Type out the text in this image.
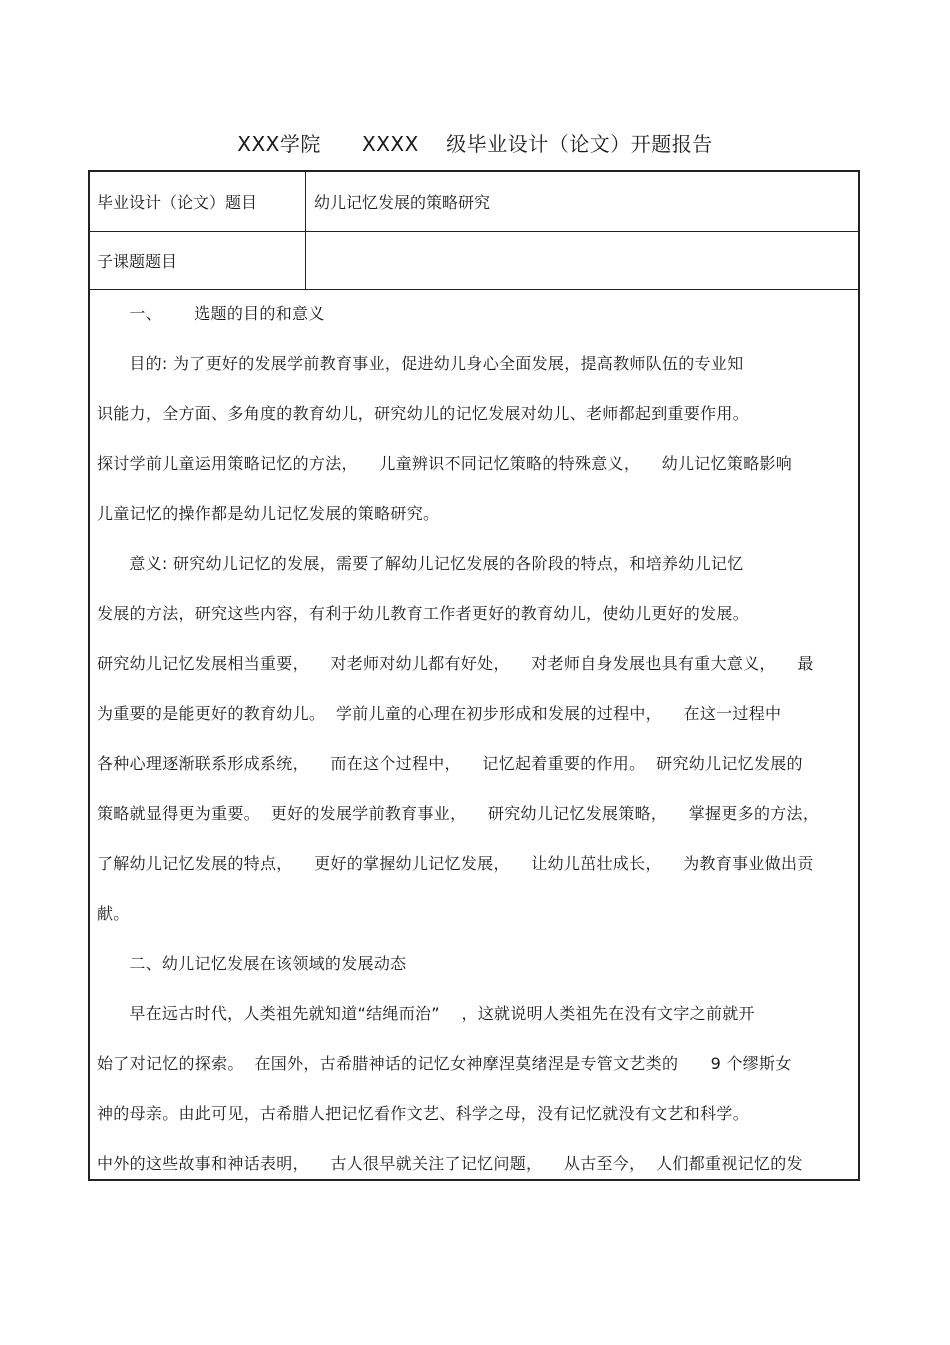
XXX学院      XXXX    级毕业设计（论文）开题报告
毕业设计（论文）题目	幼儿记忆发展的策略研究
子课题题目
一、      选题的目的和意义
目的: 为了更好的发展学前教育事业，促进幼儿身心全面发展，提高教师队伍的专业知
识能力，全方面、多角度的教育幼儿，研究幼儿的记忆发展对幼儿、老师都起到重要作用。
探讨学前儿童运用策略记忆的方法，    儿童辨识不同记忆策略的特殊意义，    幼儿记忆策略影响
儿童记忆的操作都是幼儿记忆发展的策略研究。
意义: 研究幼儿记忆的发展，需要了解幼儿记忆发展的各阶段的特点，和培养幼儿记忆
发展的方法，研究这些内容，有利于幼儿教育工作者更好的教育幼儿，使幼儿更好的发展。
研究幼儿记忆发展相当重要，    对老师对幼儿都有好处，    对老师自身发展也具有重大意义，    最
为重要的是能更好的教育幼儿。  学前儿童的心理在初步形成和发展的过程中，    在这一过程中
各种心理逐渐联系形成系统，    而在这个过程中，    记忆起着重要的作用。  研究幼儿记忆发展的
策略就显得更为重要。  更好的发展学前教育事业，    研究幼儿记忆发展策略，    掌握更多的方法，
了解幼儿记忆发展的特点，    更好的掌握幼儿记忆发展，    让幼儿茁壮成长，    为教育事业做出贡
献。
二、幼儿记忆发展在该领域的发展动态
早在远古时代，人类祖先就知道“结绳而治”    ，这就说明人类祖先在没有文字之前就开
始了对记忆的探索。  在国外，古希腊神话的记忆女神摩涅莫绪涅是专管文艺类的      9 个缪斯女
神的母亲。由此可见，古希腊人把记忆看作文艺、科学之母，没有记忆就没有文艺和科学。
中外的这些故事和神话表明，    古人很早就关注了记忆问题，    从古至今，  人们都重视记忆的发
